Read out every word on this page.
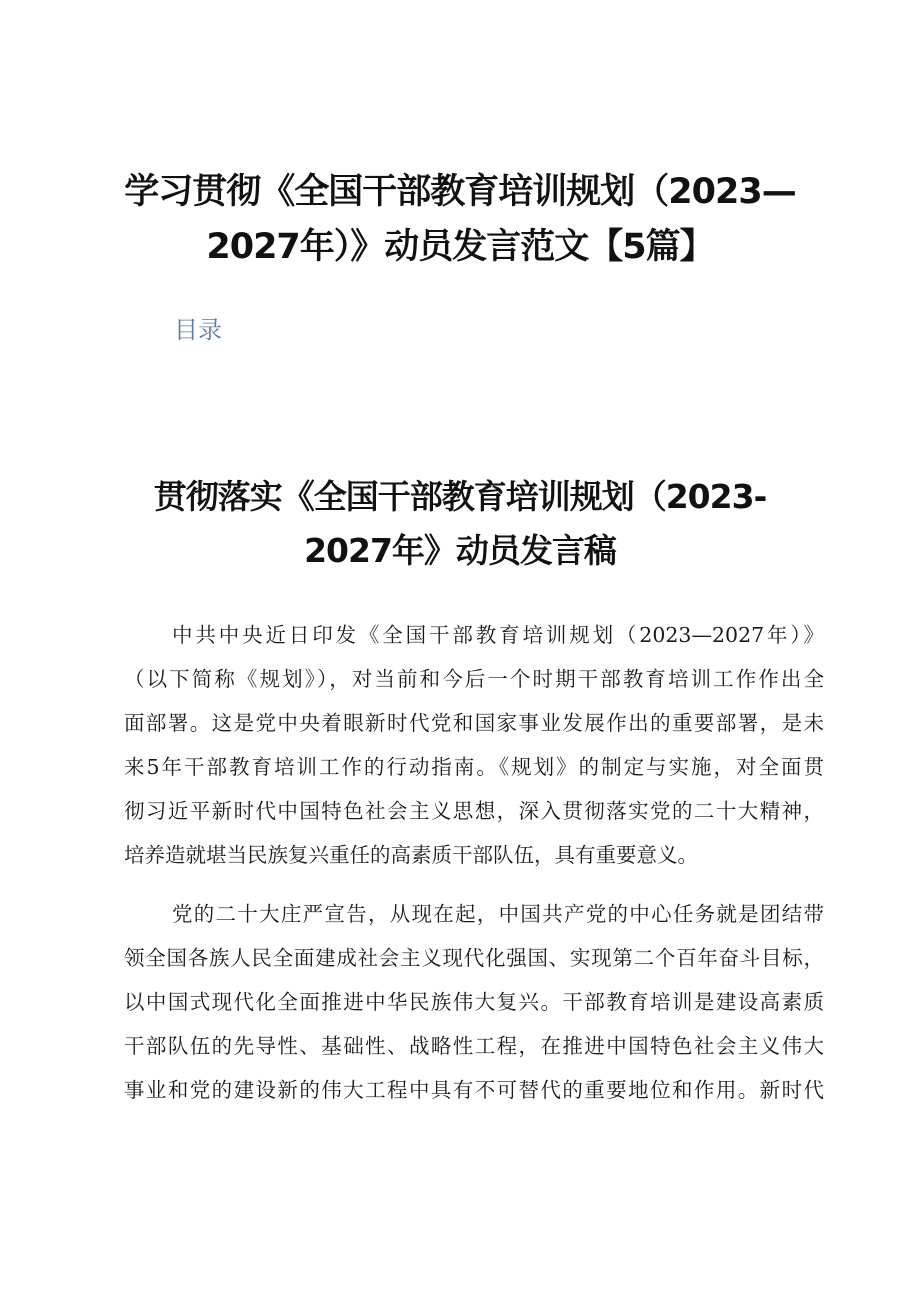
学习贯彻《全国干部教育培训规划（2023—
2027年）》动员发言范文【5篇】
目录
贯彻落实《全国干部教育培训规划（2023-
2027年》动员发言稿
中共中央近日印发《全国干部教育培训规划（2023—2027年）》
（以下简称《规划》），对当前和今后一个时期干部教育培训工作作出全
面部署。这是党中央着眼新时代党和国家事业发展作出的重要部署，是未
来5年干部教育培训工作的行动指南。《规划》的制定与实施，对全面贯
彻习近平新时代中国特色社会主义思想，深入贯彻落实党的二十大精神，
培养造就堪当民族复兴重任的高素质干部队伍，具有重要意义。
党的二十大庄严宣告，从现在起，中国共产党的中心任务就是团结带
领全国各族人民全面建成社会主义现代化强国、实现第二个百年奋斗目标，
以中国式现代化全面推进中华民族伟大复兴。干部教育培训是建设高素质
干部队伍的先导性、基础性、战略性工程，在推进中国特色社会主义伟大
事业和党的建设新的伟大工程中具有不可替代的重要地位和作用。新时代
